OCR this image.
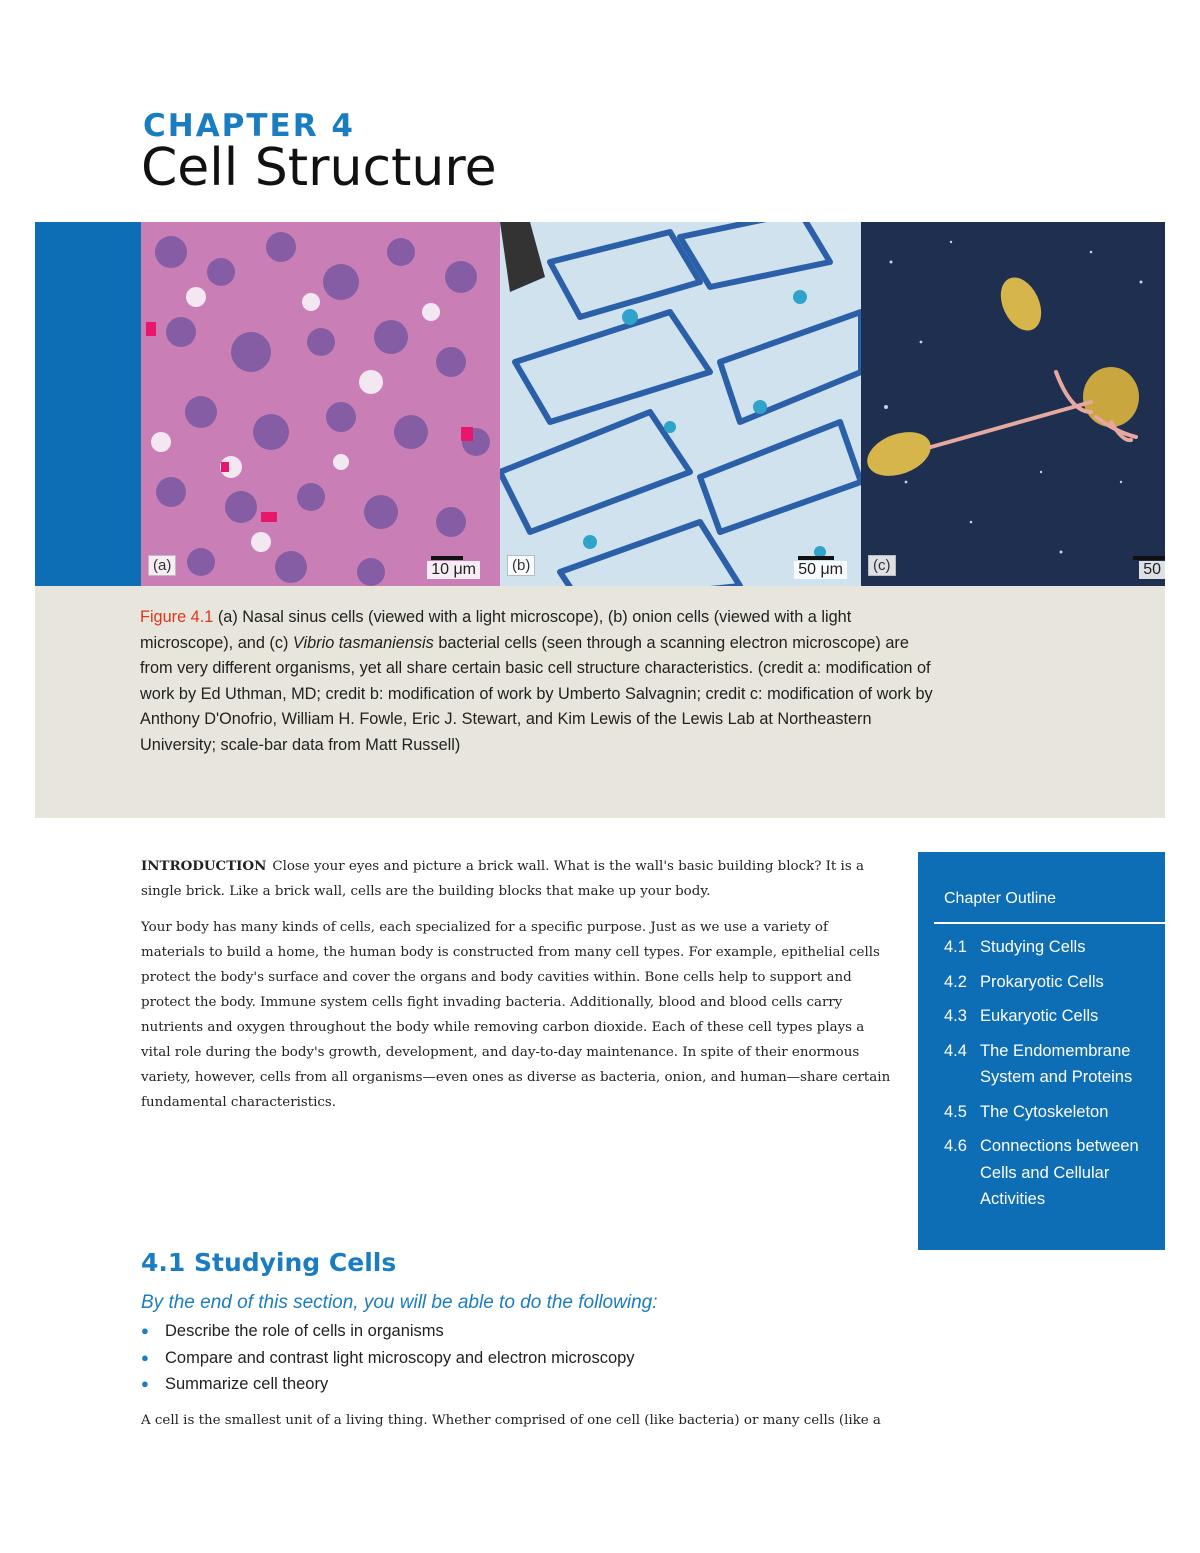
CHAPTER 4
Cell Structure
10 μm
(a)	50 μm
(b)	50
(c)
Figure 4.1 (a) Nasal sinus cells (viewed with a light microscope), (b) onion cells (viewed with a light microscope), and (c) Vibrio tasmaniensis bacterial cells (seen through a scanning electron microscope) are from very different organisms, yet all share certain basic cell structure characteristics. (credit a: modification of work by Ed Uthman, MD; credit b: modification of work by Umberto Salvagnin; credit c: modification of work by Anthony D'Onofrio, William H. Fowle, Eric J. Stewart, and Kim Lewis of the Lewis Lab at Northeastern University; scale-bar data from Matt Russell)

INTRODUCTION Close your eyes and picture a brick wall. What is the wall's basic building block? It is a single brick. Like a brick wall, cells are the building blocks that make up your body.

Your body has many kinds of cells, each specialized for a specific purpose. Just as we use a variety of materials to build a home, the human body is constructed from many cell types. For example, epithelial cells protect the body's surface and cover the organs and body cavities within. Bone cells help to support and protect the body. Immune system cells fight invading bacteria. Additionally, blood and blood cells carry nutrients and oxygen throughout the body while removing carbon dioxide. Each of these cell types plays a vital role during the body's growth, development, and day-to-day maintenance. In spite of their enormous variety, however, cells from all organisms—even ones as diverse as bacteria, onion, and human—share certain fundamental characteristics.

Chapter Outline
4.1 Studying Cells
4.2 Prokaryotic Cells
4.3 Eukaryotic Cells
4.4 The Endomembrane System and Proteins
4.5 The Cytoskeleton
4.6 Connections between Cells and Cellular Activities
4.1 Studying Cells
By the end of this section, you will be able to do the following:
● Describe the role of cells in organisms
● Compare and contrast light microscopy and electron microscopy
● Summarize cell theory
A cell is the smallest unit of a living thing. Whether comprised of one cell (like bacteria) or many cells (like a
